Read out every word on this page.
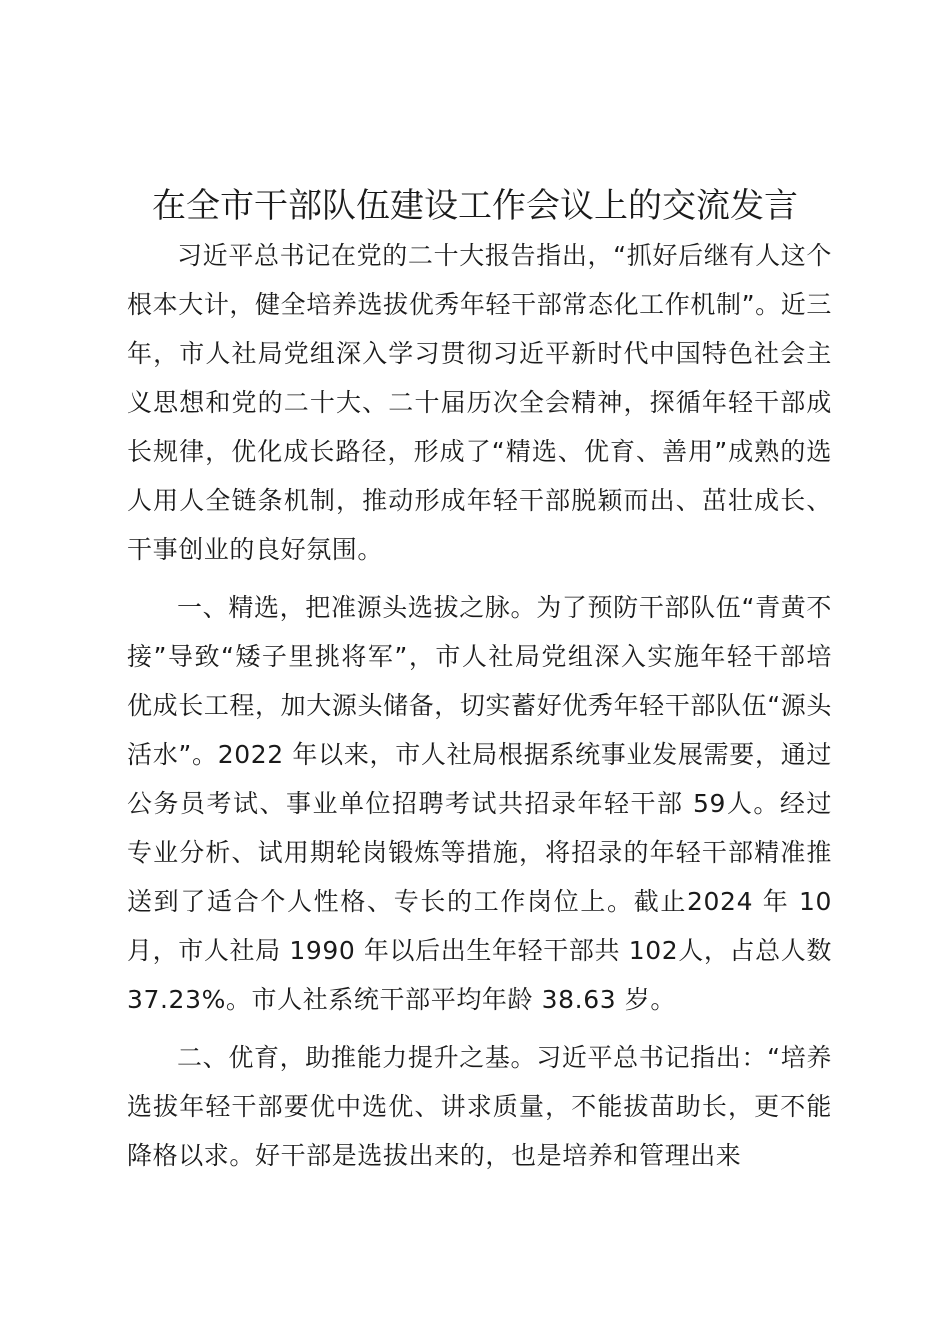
在全市干部队伍建设工作会议上的交流发言

习近平总书记在党的二十大报告指出，“抓好后继有人这个根本大计，健全培养选拔优秀年轻干部常态化工作机制”。近三年，市人社局党组深入学习贯彻习近平新时代中国特色社会主义思想和党的二十大、二十届历次全会精神，探循年轻干部成长规律，优化成长路径，形成了“精选、优育、善用”成熟的选人用人全链条机制，推动形成年轻干部脱颖而出、茁壮成长、干事创业的良好氛围。

一、精选，把准源头选拔之脉。为了预防干部队伍“青黄不接”导致“矮子里挑将军”，市人社局党组深入实施年轻干部培优成长工程，加大源头储备，切实蓄好优秀年轻干部队伍“源头活水”。2022 年以来，市人社局根据系统事业发展需要，通过公务员考试、事业单位招聘考试共招录年轻干部 59人。经过专业分析、试用期轮岗锻炼等措施，将招录的年轻干部精准推送到了适合个人性格、专长的工作岗位上。截止2024 年 10 月，市人社局 1990 年以后出生年轻干部共 102人，占总人数 37.23%。市人社系统干部平均年龄 38.63 岁。

二、优育，助推能力提升之基。习近平总书记指出：“培养选拔年轻干部要优中选优、讲求质量，不能拔苗助长，更不能降格以求。好干部是选拔出来的，也是培养和管理出来
